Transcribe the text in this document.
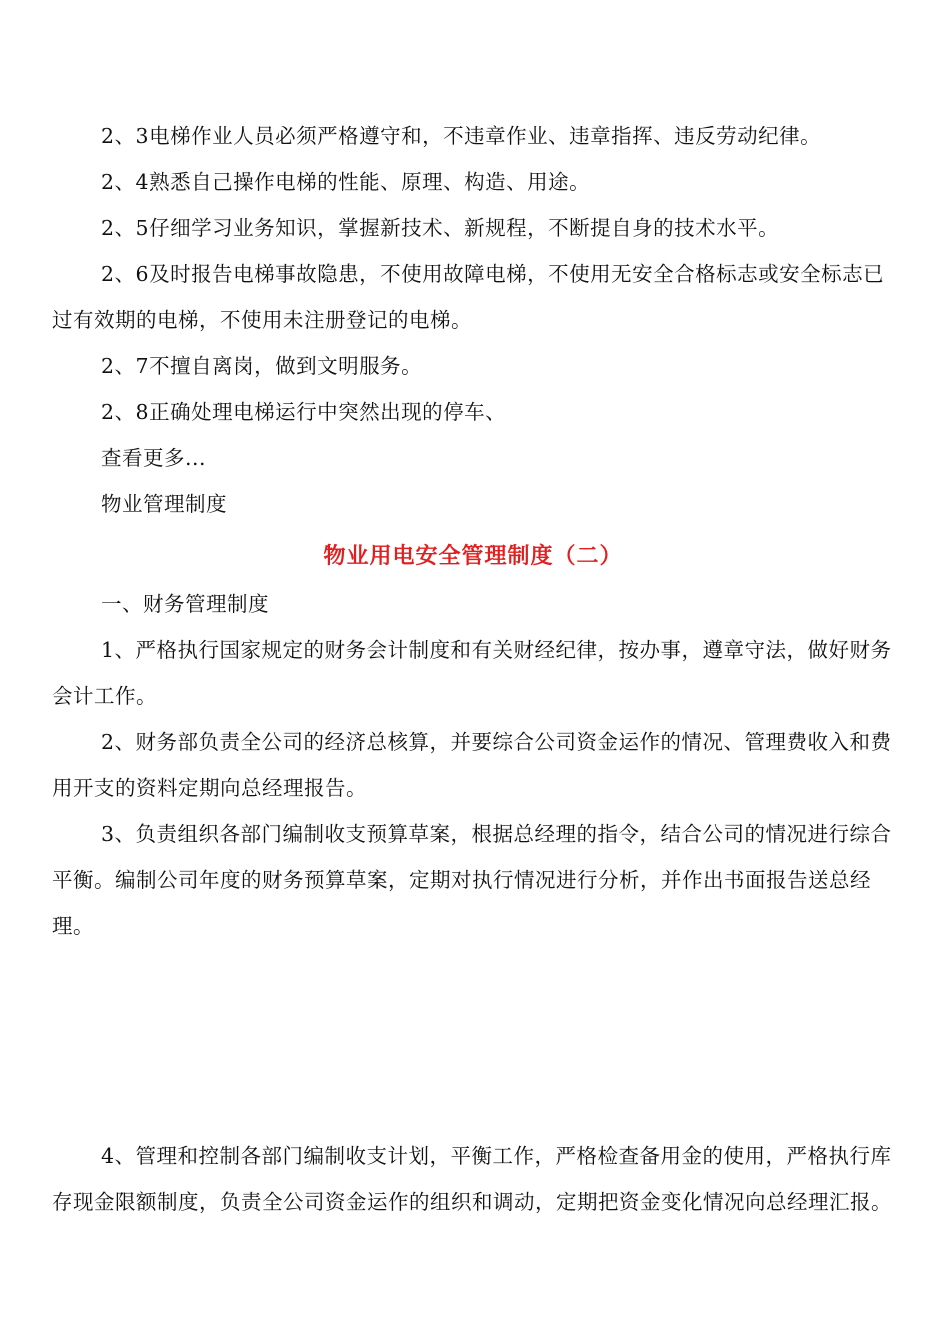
2、3电梯作业人员必须严格遵守和，不违章作业、违章指挥、违反劳动纪律。

2、4熟悉自己操作电梯的性能、原理、构造、用途。

2、5仔细学习业务知识，掌握新技术、新规程，不断提自身的技术水平。

2、6及时报告电梯事故隐患，不使用故障电梯，不使用无安全合格标志或安全标志已过有效期的电梯，不使用未注册登记的电梯。

2、7不擅自离岗，做到文明服务。

2、8正确处理电梯运行中突然出现的停车、

查看更多...

物业管理制度

物业用电安全管理制度（二）

一、财务管理制度

1、严格执行国家规定的财务会计制度和有关财经纪律，按办事，遵章守法，做好财务会计工作。

2、财务部负责全公司的经济总核算，并要综合公司资金运作的情况、管理费收入和费用开支的资料定期向总经理报告。

3、负责组织各部门编制收支预算草案，根据总经理的指令，结合公司的情况进行综合平衡。编制公司年度的财务预算草案，定期对执行情况进行分析，并作出书面报告送总经理。

4、管理和控制各部门编制收支计划，平衡工作，严格检查备用金的使用，严格执行库存现金限额制度，负责全公司资金运作的组织和调动，定期把资金变化情况向总经理汇报。
